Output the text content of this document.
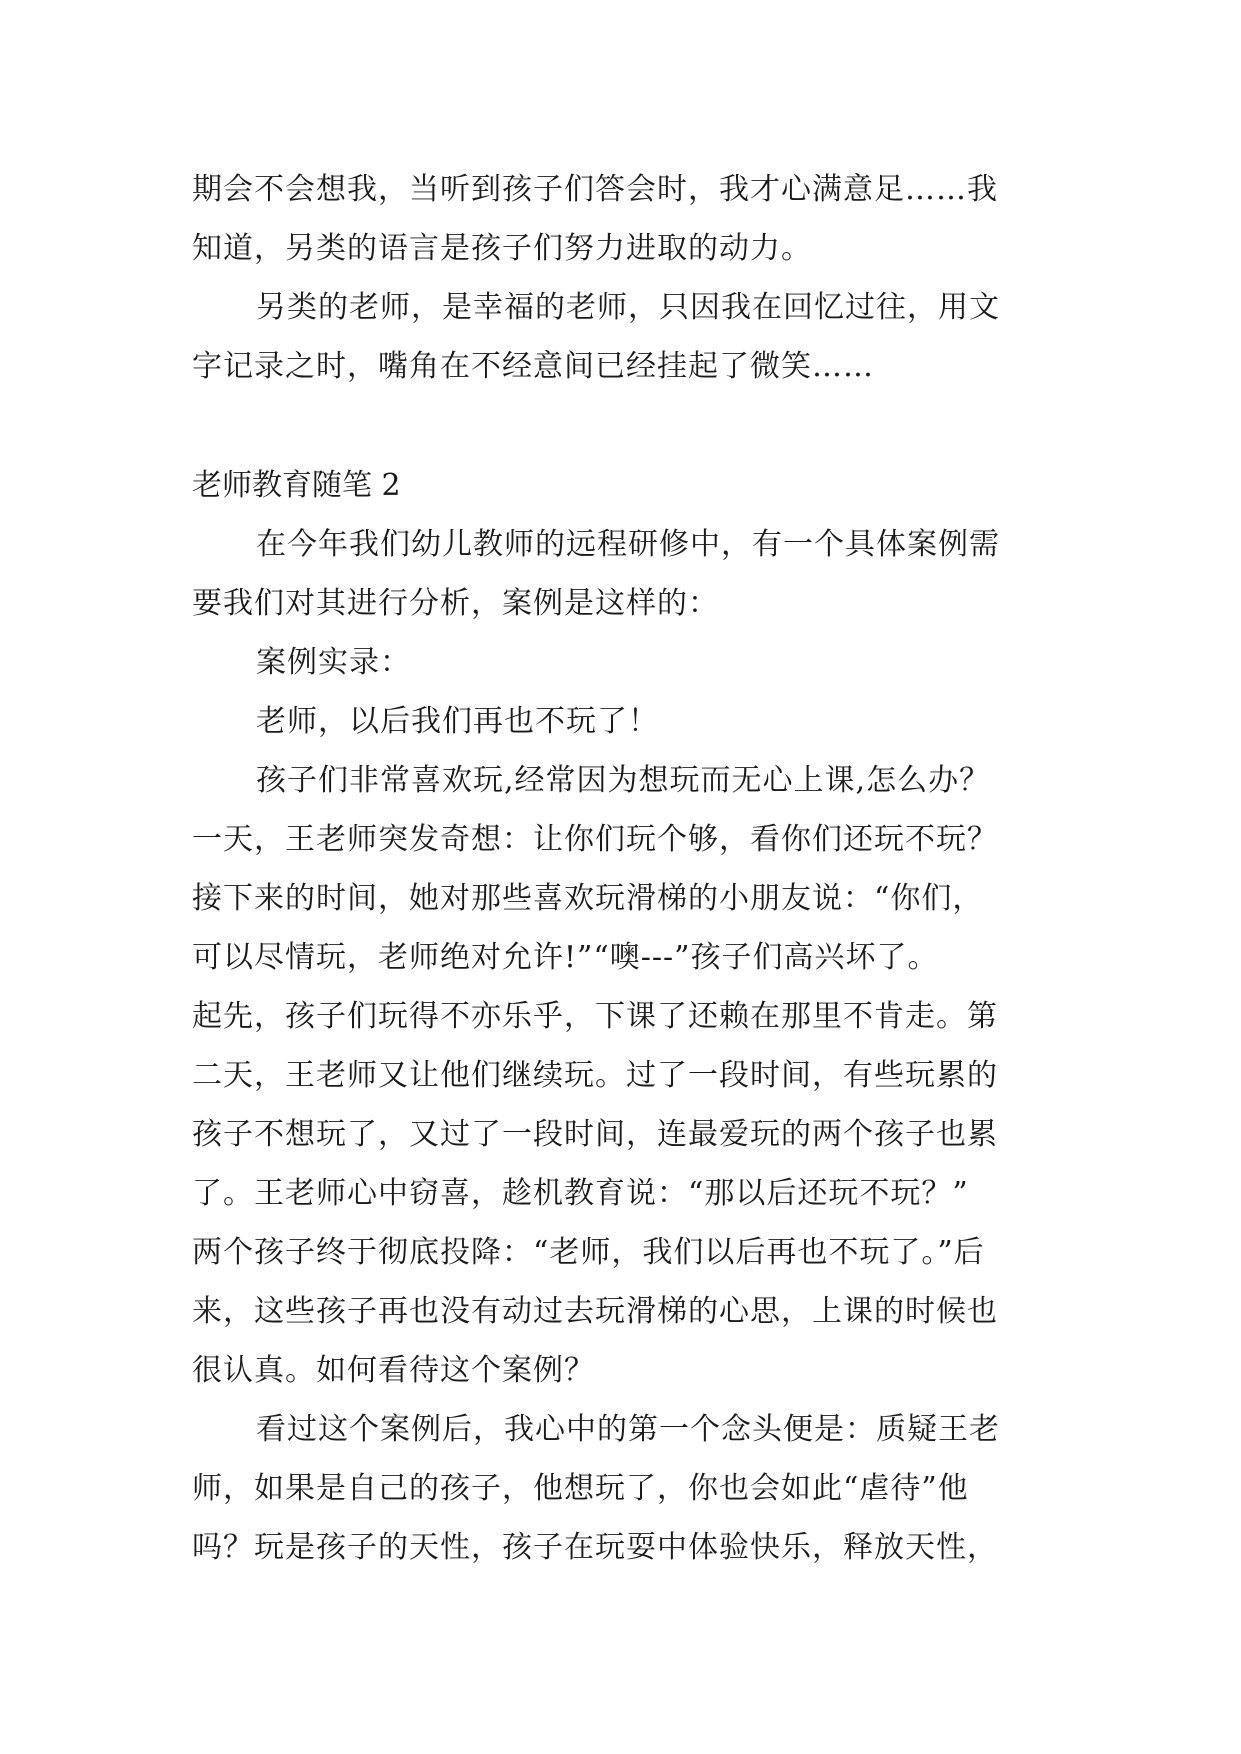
期会不会想我，当听到孩子们答会时，我才心满意足……我
知道，另类的语言是孩子们努力进取的动力。
另类的老师，是幸福的老师，只因我在回忆过往，用文
字记录之时，嘴角在不经意间已经挂起了微笑……
老师教育随笔 2
在今年我们幼儿教师的远程研修中，有一个具体案例需
要我们对其进行分析，案例是这样的：
案例实录：
老师，以后我们再也不玩了！
孩子们非常喜欢玩,经常因为想玩而无心上课,怎么办？
一天，王老师突发奇想：让你们玩个够，看你们还玩不玩？
接下来的时间，她对那些喜欢玩滑梯的小朋友说：“你们，
可以尽情玩，老师绝对允许!”“噢---”孩子们高兴坏了。
起先，孩子们玩得不亦乐乎，下课了还赖在那里不肯走。第
二天，王老师又让他们继续玩。过了一段时间，有些玩累的
孩子不想玩了，又过了一段时间，连最爱玩的两个孩子也累
了。王老师心中窃喜，趁机教育说：“那以后还玩不玩？”
两个孩子终于彻底投降：“老师，我们以后再也不玩了。”后
来，这些孩子再也没有动过去玩滑梯的心思，上课的时候也
很认真。如何看待这个案例？
看过这个案例后，我心中的第一个念头便是：质疑王老
师，如果是自己的孩子，他想玩了，你也会如此“虐待”他
吗？玩是孩子的天性，孩子在玩耍中体验快乐，释放天性，
